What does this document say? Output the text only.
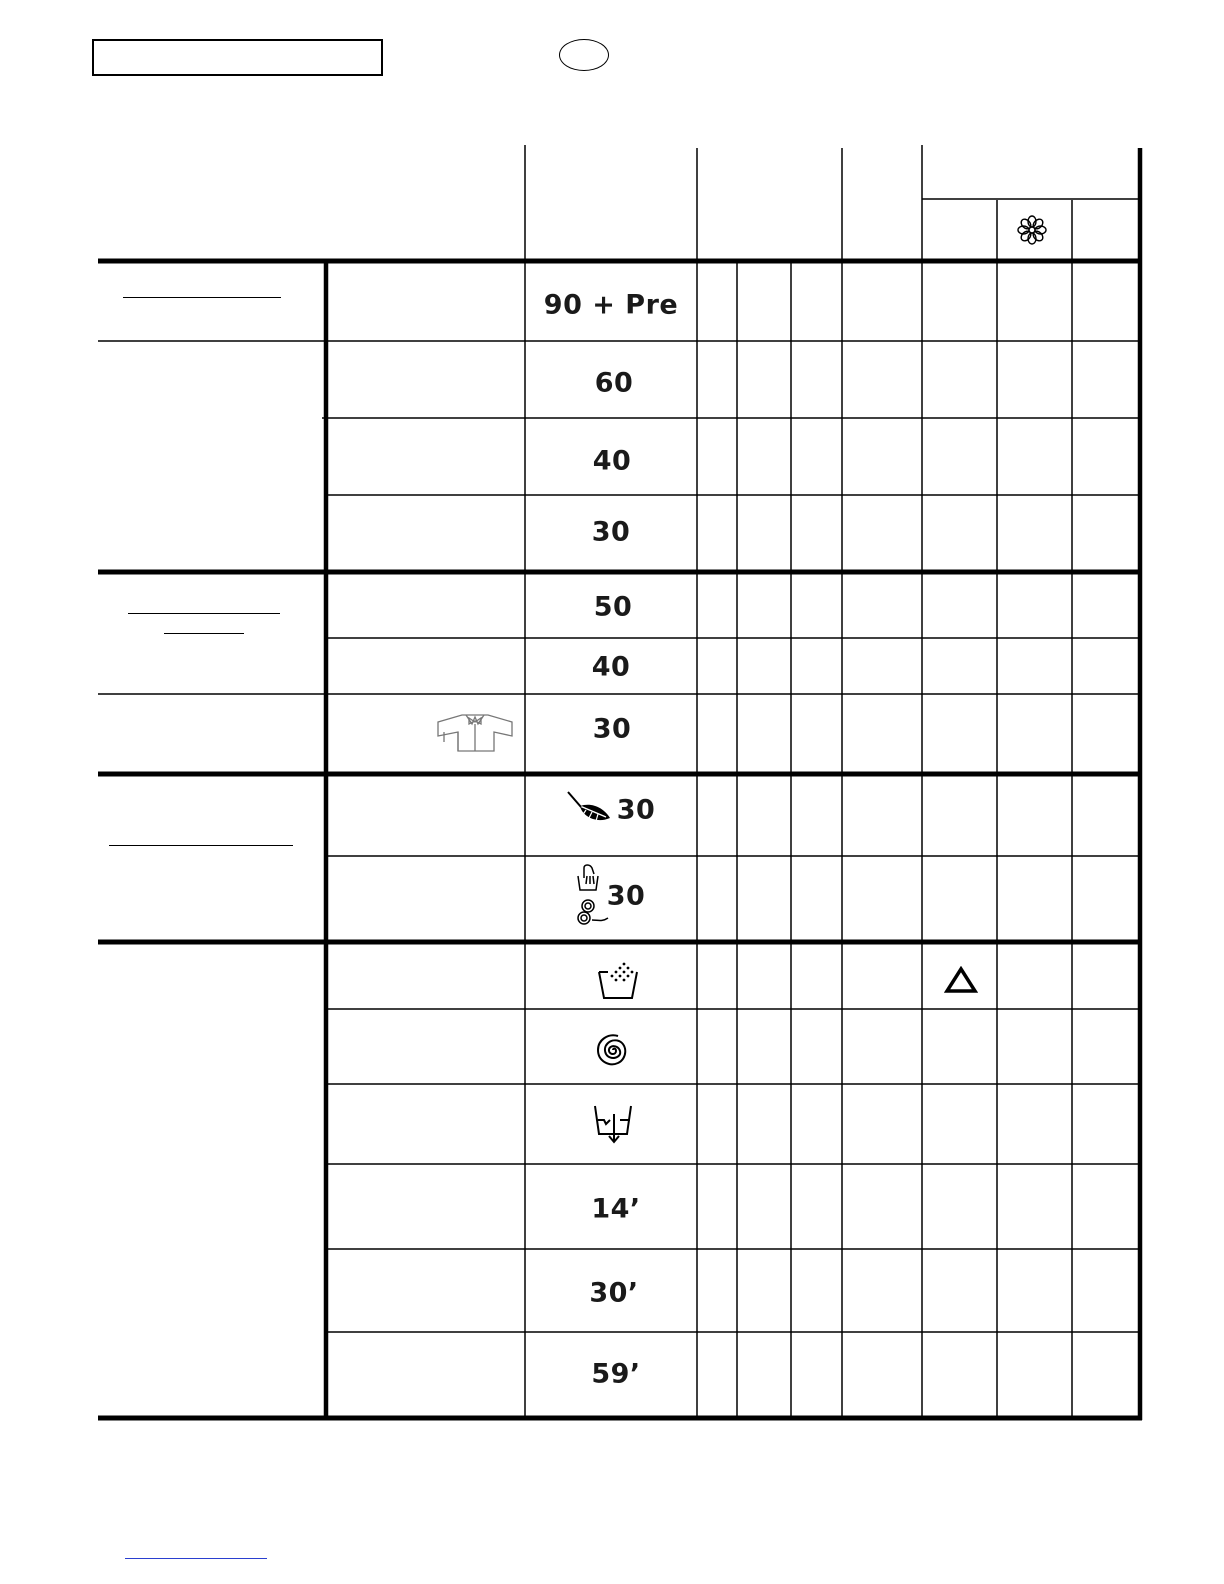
90 + Pre
60
40
30
50
40
30
30
30
14’
30’
59’
